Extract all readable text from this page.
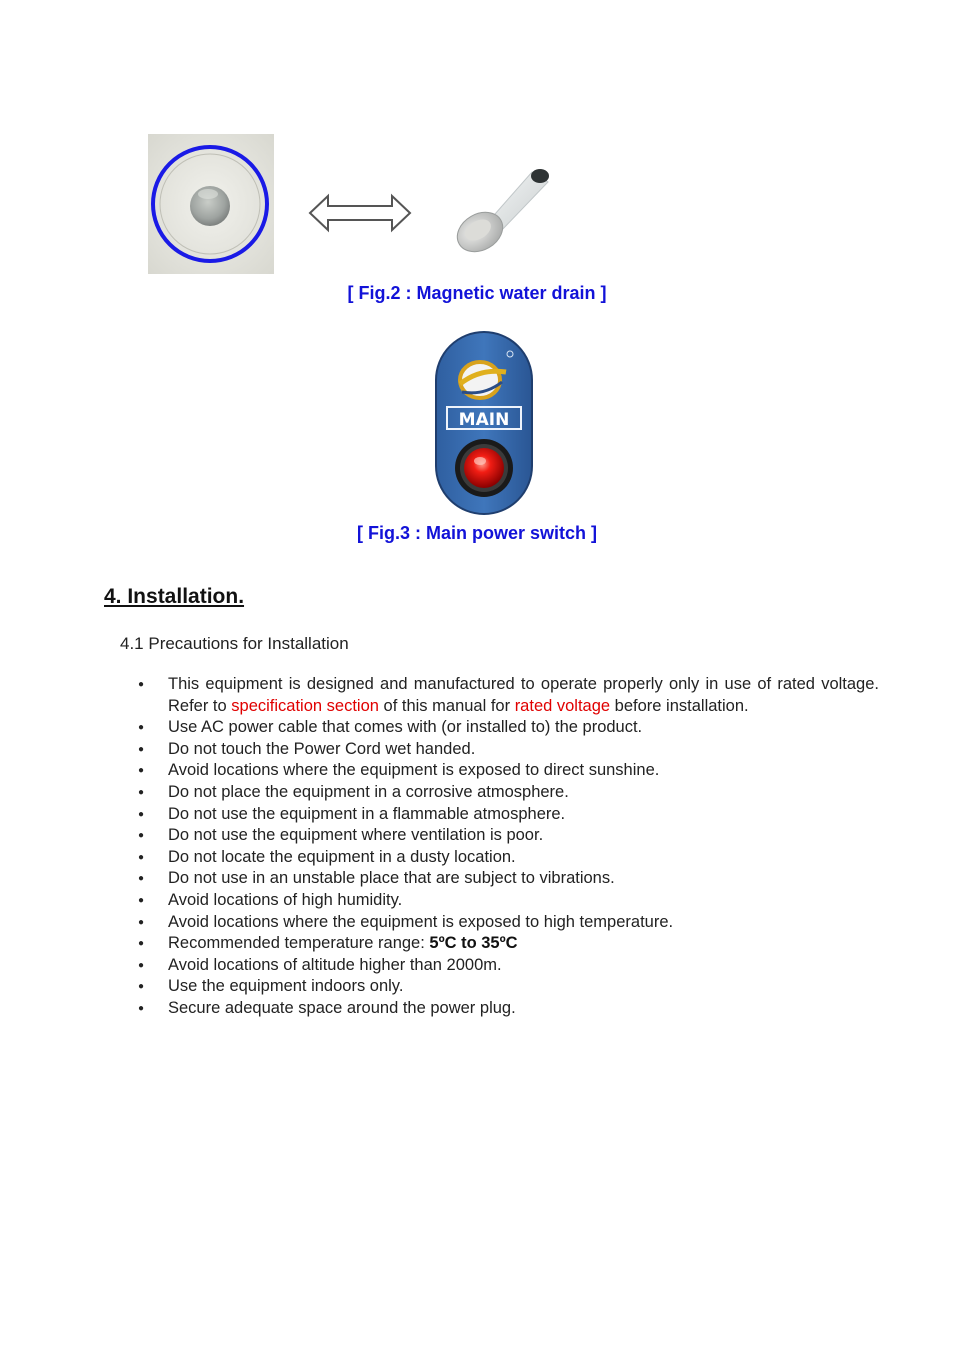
[ Fig.2 : Magnetic water drain ]
MAIN
[ Fig.3 : Main power switch ]
4. Installation.
4.1 Precautions for Installation
● This equipment is designed and manufactured to operate properly only in use of rated voltage. Refer to specification section of this manual for rated voltage before installation.
● Use AC power cable that comes with (or installed to) the product.
● Do not touch the Power Cord wet handed.
● Avoid locations where the equipment is exposed to direct sunshine.
● Do not place the equipment in a corrosive atmosphere.
● Do not use the equipment in a flammable atmosphere.
● Do not use the equipment where ventilation is poor.
● Do not locate the equipment in a dusty location.
● Do not use in an unstable place that are subject to vibrations.
● Avoid locations of high humidity.
● Avoid locations where the equipment is exposed to high temperature.
● Recommended temperature range: 5ºC to 35ºC
● Avoid locations of altitude higher than 2000m.
● Use the equipment indoors only.
● Secure adequate space around the power plug.
